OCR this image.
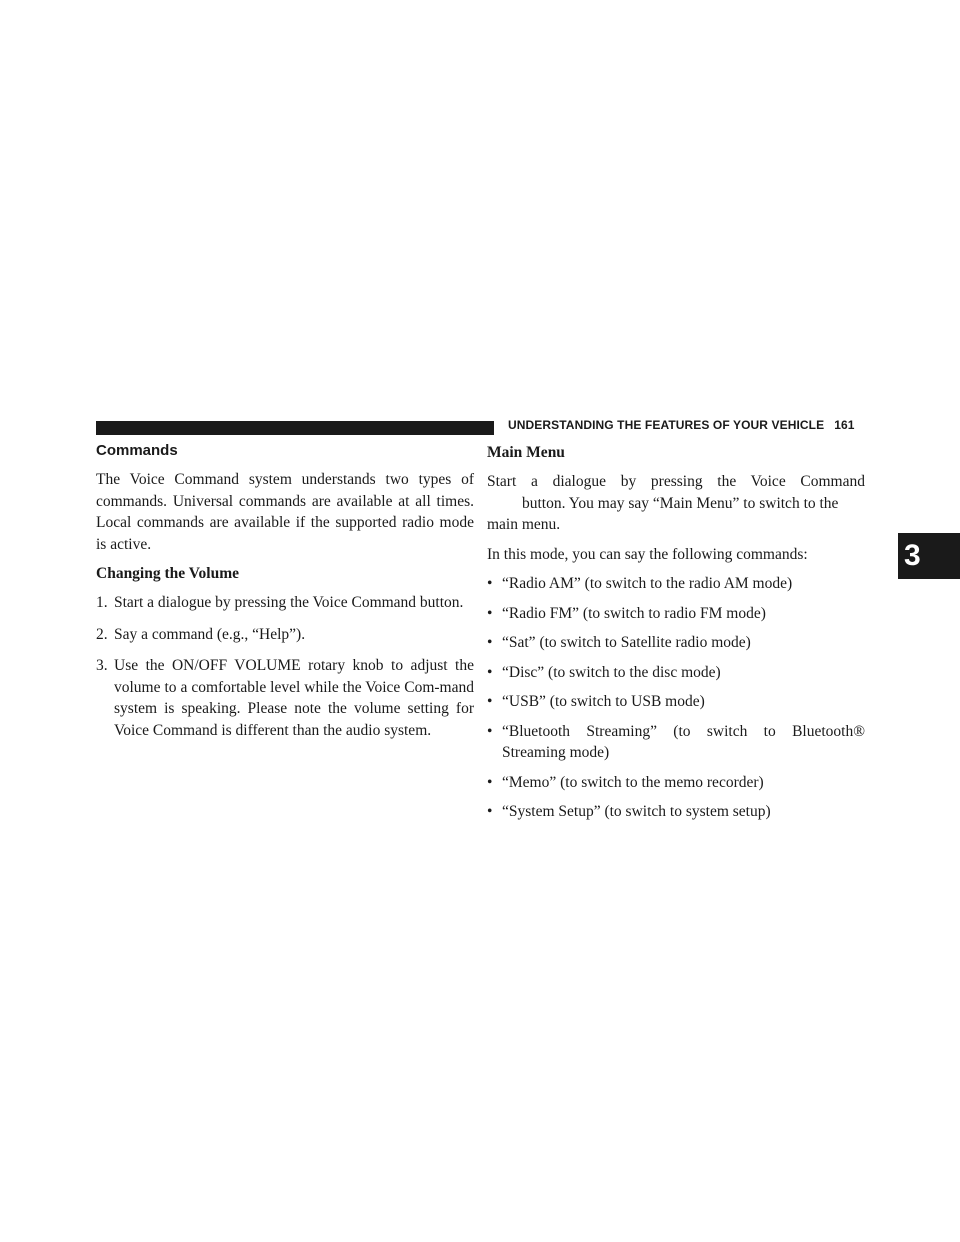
UNDERSTANDING THE FEATURES OF YOUR VEHICLE 161
3
Commands

The Voice Command system understands two types of commands. Universal commands are available at all times. Local commands are available if the supported radio mode is active.

Changing the Volume
1. Start a dialogue by pressing the Voice Command button.
2. Say a command (e.g., “Help”).
3. Use the ON/OFF VOLUME rotary knob to adjust the volume to a comfortable level while the Voice Com-mand system is speaking. Please note the volume setting for Voice Command is different than the audio system.
Main Menu

Start a dialogue by pressing the Voice Command

button. You may say “Main Menu” to switch to the

main menu.

In this mode, you can say the following commands:

• “Radio AM” (to switch to the radio AM mode)
• “Radio FM” (to switch to radio FM mode)
• “Sat” (to switch to Satellite radio mode)
• “Disc” (to switch to the disc mode)
• “USB” (to switch to USB mode)
• “Bluetooth Streaming” (to switch to Bluetooth® Streaming mode)
• “Memo” (to switch to the memo recorder)
• “System Setup” (to switch to system setup)
